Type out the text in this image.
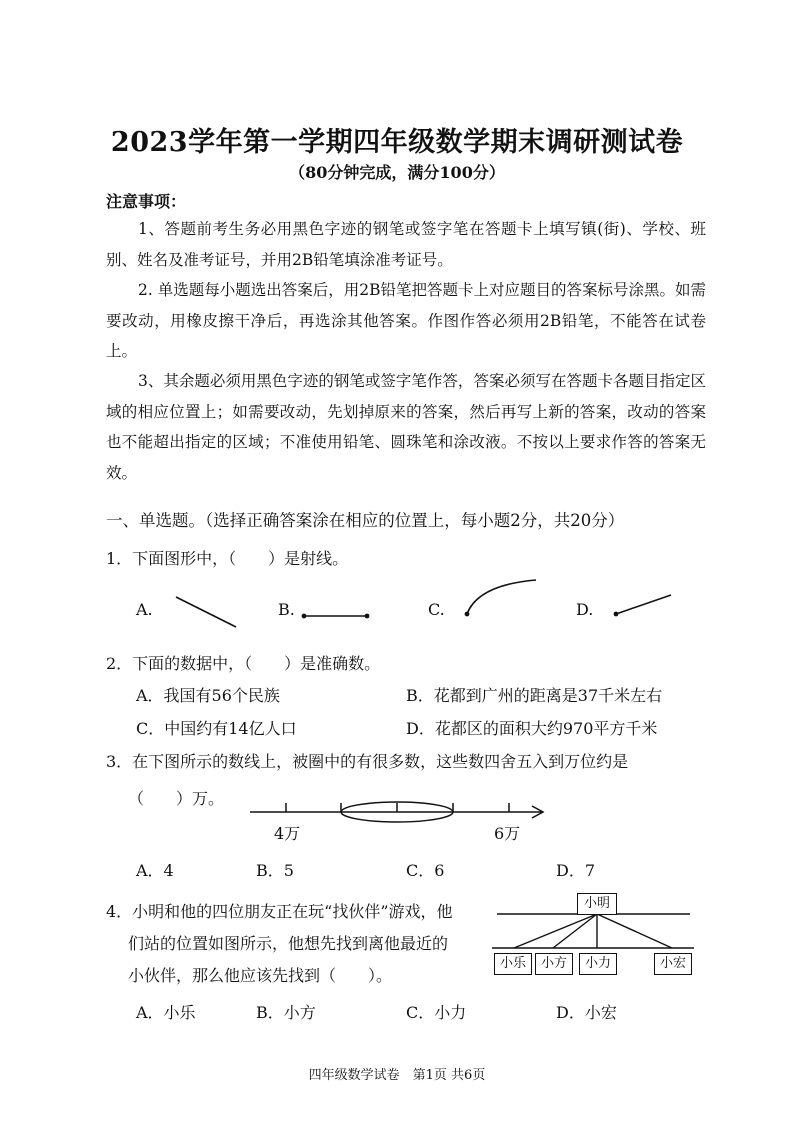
2023学年第一学期四年级数学期末调研测试卷
（80分钟完成，满分100分）
注意事项：
1、答题前考生务必用黑色字迹的钢笔或签字笔在答题卡上填写镇(街)、学校、班别、姓名及准考证号，并用2B铅笔填涂准考证号。
2. 单选题每小题选出答案后，用2B铅笔把答题卡上对应题目的答案标号涂黑。如需要改动，用橡皮擦干净后，再选涂其他答案。作图作答必须用2B铅笔，不能答在试卷上。
3、其余题必须用黑色字迹的钢笔或签字笔作答，答案必须写在答题卡各题目指定区域的相应位置上；如需要改动，先划掉原来的答案，然后再写上新的答案，改动的答案也不能超出指定的区域；不准使用铅笔、圆珠笔和涂改液。不按以上要求作答的答案无效。
一、单选题。（选择正确答案涂在相应的位置上，每小题2分，共20分）
1．下面图形中，（　　）是射线。
A.	B.	C.	D.
2．下面的数据中，（　　）是准确数。
A．我国有56个民族	B．花都到广州的距离是37千米左右
C．中国约有14亿人口	D．花都区的面积大约970平方千米
3．在下图所示的数线上，被圈中的有很多数，这些数四舍五入到万位约是
（　　）万。
4万	6万
A．4	B．5	C．6	D．7
4．小明和他的四位朋友正在玩“找伙伴”游戏，他
们站的位置如图所示，他想先找到离他最近的
小伙伴，那么他应该先找到（　　）。
小明
小乐	小方	小力	小宏
A．小乐	B．小方	C．小力	D．小宏
四年级数学试卷　第1页 共6页
